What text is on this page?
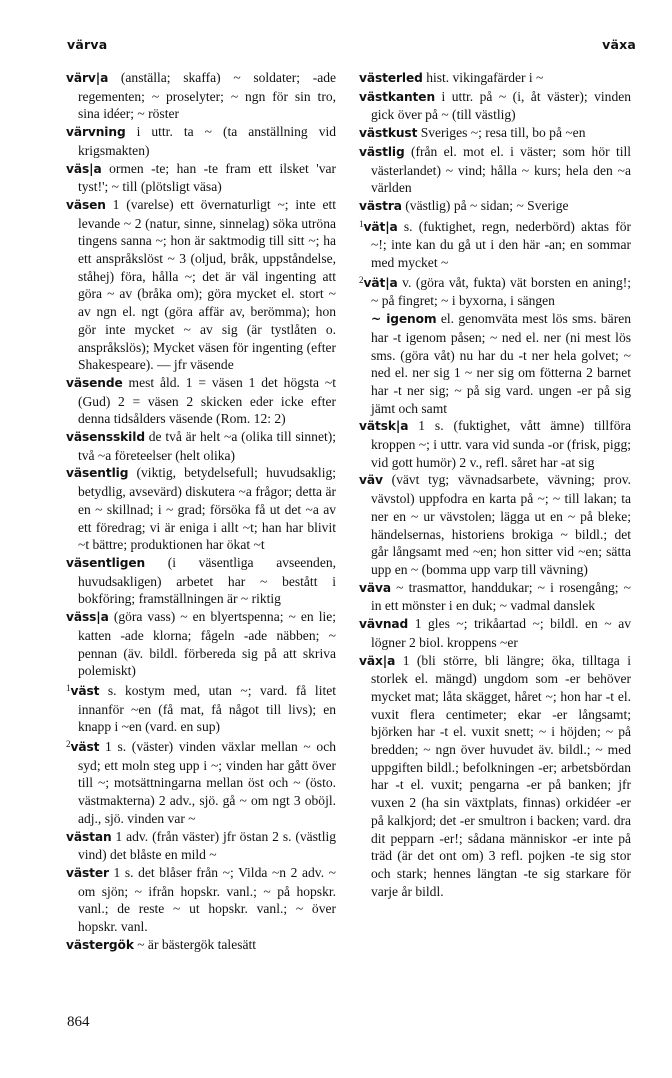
värva	växa

värv|a (anställa; skaffa) ~ soldater; -ade regementen; ~ proselyter; ~ ngn för sin tro, sina idéer; ~ röster

värvning i uttr. ta ~ (ta anställning vid krigsmakten)

väs|a ormen -te; han -te fram ett ilsket 'var tyst!'; ~ till (plötsligt väsa)

väsen 1 (varelse) ett övernaturligt ~; inte ett levande ~ 2 (natur, sinne, sinnelag) söka utröna tingens sanna ~; hon är saktmodig till sitt ~; ha ett anspråkslöst ~ 3 (oljud, bråk, uppståndelse, ståhej) föra, hålla ~; det är väl ingenting att göra ~ av (bråka om); göra mycket el. stort ~ av ngn el. ngt (göra affär av, berömma); hon gör inte mycket ~ av sig (är tystlåten o. anspråkslös); Mycket väsen för ingenting (efter Shakespeare). — jfr väsende

väsende mest åld. 1 = väsen 1 det högsta ~t (Gud) 2 = väsen 2 skicken eder icke efter denna tidsålders väsende (Rom. 12: 2)

väsensskild de två är helt ~a (olika till sinnet); två ~a företeelser (helt olika)

väsentlig (viktig, betydelsefull; huvudsaklig; betydlig, avsevärd) diskutera ~a frågor; detta är en ~ skillnad; i ~ grad; försöka få ut det ~a av ett föredrag; vi är eniga i allt ~t; han har blivit ~t bättre; produktionen har ökat ~t

väsentligen (i väsentliga avseenden, huvudsakligen) arbetet har ~ bestått i bokföring; framställningen är ~ riktig

väss|a (göra vass) ~ en blyertspenna; ~ en lie; katten -ade klorna; fågeln -ade näbben; ~ pennan (äv. bildl. förbereda sig på att skriva polemiskt)

$^1$väst s. kostym med, utan ~; vard. få litet innanför ~en (få mat, få något till livs); en knapp i ~en (vard. en sup)

$^2$väst 1 s. (väster) vinden växlar mellan ~ och syd; ett moln steg upp i ~; vinden har gått över till ~; motsättningarna mellan öst och ~ (östo. västmakterna) 2 adv., sjö. gå ~ om ngt 3 oböjl. adj., sjö. vinden var ~

västan 1 adv. (från väster) jfr östan 2 s. (västlig vind) det blåste en mild ~

väster 1 s. det blåser från ~; Vilda ~n 2 adv. ~ om sjön; ~ ifrån hopskr. vanl.; ~ på hopskr. vanl.; de reste ~ ut hopskr. vanl.; ~ över hopskr. vanl.

västergök ~ är bästergök talesätt

västerled hist. vikingafärder i ~

västkanten i uttr. på ~ (i, åt väster); vinden gick över på ~ (till västlig)

västkust Sveriges ~; resa till, bo på ~en

västlig (från el. mot el. i väster; som hör till västerlandet) ~ vind; hålla ~ kurs; hela den ~a världen

västra (västlig) på ~ sidan; ~ Sverige

$^1$vät|a s. (fuktighet, regn, nederbörd) aktas för ~!; inte kan du gå ut i den här -an; en sommar med mycket ~

$^2$vät|a v. (göra våt, fukta) vät borsten en aning!; ~ på fingret; ~ i byxorna, i sängen

~ igenom el. genomväta mest lös sms. bären har -t igenom påsen; ~ ned el. ner (ni mest lös sms. (göra våt) nu har du -t ner hela golvet; ~ ned el. ner sig 1 ~ ner sig om fötterna 2 barnet har -t ner sig; ~ på sig vard. ungen -er på sig jämt och samt

vätsk|a 1 s. (fuktighet, vått ämne) tillföra kroppen ~; i uttr. vara vid sunda -or (frisk, pigg; vid gott humör) 2 v., refl. såret har -at sig

väv (vävt tyg; vävnadsarbete, vävning; prov. vävstol) uppfodra en karta på ~; ~ till lakan; ta ner en ~ ur vävstolen; lägga ut en ~ på bleke; händelsernas, historiens brokiga ~ bildl.; det går långsamt med ~en; hon sitter vid ~en; sätta upp en ~ (bomma upp varp till vävning)

väva ~ trasmattor, handdukar; ~ i rosengång; ~ in ett mönster i en duk; ~ vadmal danslek

vävnad 1 gles ~; trikåartad ~; bildl. en ~ av lögner 2 biol. kroppens ~er

väx|a 1 (bli större, bli längre; öka, tilltaga i storlek el. mängd) ungdom som -er behöver mycket mat; låta skägget, håret ~; hon har -t el. vuxit flera centimeter; ekar -er långsamt; björken har -t el. vuxit snett; ~ i höjden; ~ på bredden; ~ ngn över huvudet äv. bildl.; ~ med uppgiften bildl.; befolkningen -er; arbetsbördan har -t el. vuxit; pengarna -er på banken; jfr vuxen 2 (ha sin växtplats, finnas) orkidéer -er på kalkjord; det -er smultron i backen; vard. dra dit pepparn -er!; sådana människor -er inte på träd (är det ont om) 3 refl. pojken -te sig stor och stark; hennes längtan -te sig starkare för varje år bildl.

864
